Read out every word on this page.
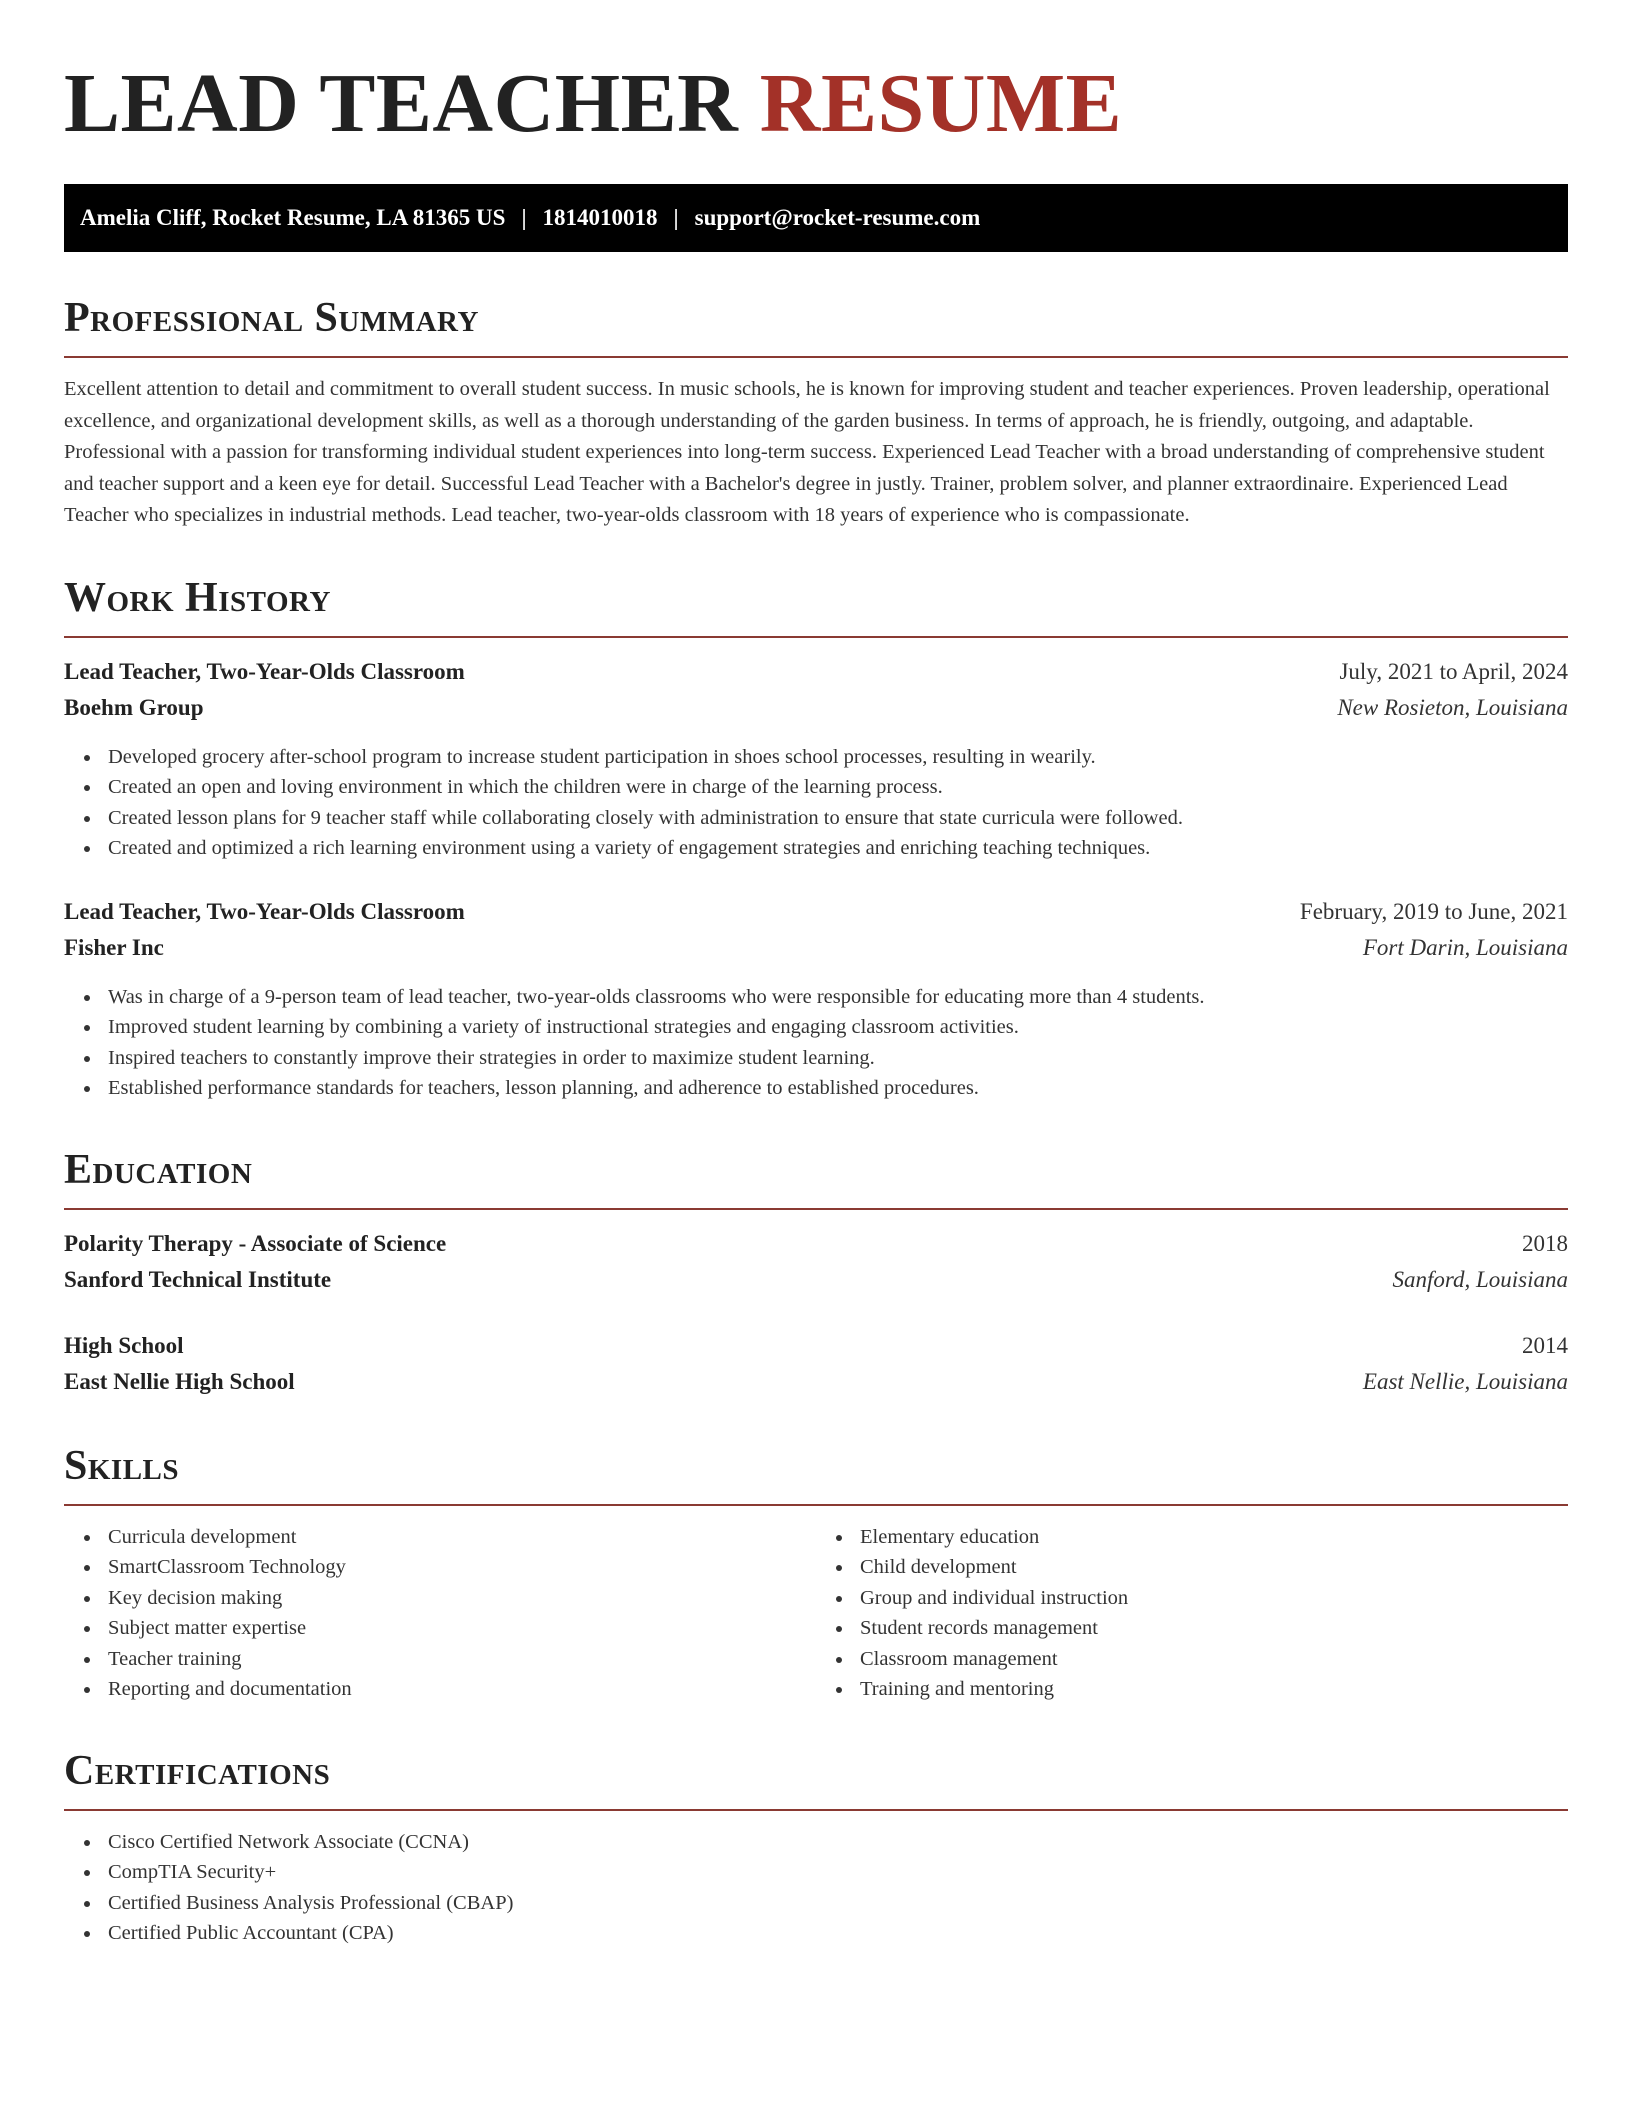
LEAD TEACHER RESUME
Amelia Cliff, Rocket Resume, LA 81365 US | 1814010018 | support@rocket-resume.com
Professional Summary

Excellent attention to detail and commitment to overall student success. In music schools, he is known for improving student and teacher experiences. Proven leadership, operational excellence, and organizational development skills, as well as a thorough understanding of the garden business. In terms of approach, he is friendly, outgoing, and adaptable. Professional with a passion for transforming individual student experiences into long-term success. Experienced Lead Teacher with a broad understanding of comprehensive student and teacher support and a keen eye for detail. Successful Lead Teacher with a Bachelor's degree in justly. Trainer, problem solver, and planner extraordinaire. Experienced Lead Teacher who specializes in industrial methods. Lead teacher, two-year-olds classroom with 18 years of experience who is compassionate.

Work History
Lead Teacher, Two-Year-Olds Classroom	July, 2021 to April, 2024
Boehm Group	New Rosieton, Louisiana
Developed grocery after-school program to increase student participation in shoes school processes, resulting in wearily.
Created an open and loving environment in which the children were in charge of the learning process.
Created lesson plans for 9 teacher staff while collaborating closely with administration to ensure that state curricula were followed.
Created and optimized a rich learning environment using a variety of engagement strategies and enriching teaching techniques.
Lead Teacher, Two-Year-Olds Classroom	February, 2019 to June, 2021
Fisher Inc	Fort Darin, Louisiana
Was in charge of a 9-person team of lead teacher, two-year-olds classrooms who were responsible for educating more than 4 students.
Improved student learning by combining a variety of instructional strategies and engaging classroom activities.
Inspired teachers to constantly improve their strategies in order to maximize student learning.
Established performance standards for teachers, lesson planning, and adherence to established procedures.
Education
Polarity Therapy - Associate of Science	2018
Sanford Technical Institute	Sanford, Louisiana
High School	2014
East Nellie High School	East Nellie, Louisiana
Skills
Curricula development
SmartClassroom Technology
Key decision making
Subject matter expertise
Teacher training
Reporting and documentation
Elementary education
Child development
Group and individual instruction
Student records management
Classroom management
Training and mentoring
Certifications
Cisco Certified Network Associate (CCNA)
CompTIA Security+
Certified Business Analysis Professional (CBAP)
Certified Public Accountant (CPA)
